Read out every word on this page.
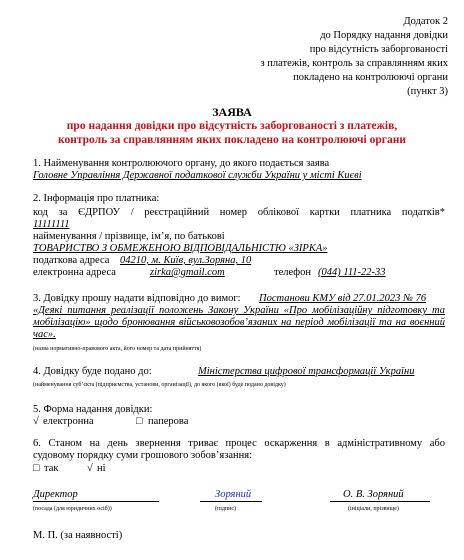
Додаток 2
до Порядку надання довідки
про відсутність заборгованості
з платежів, контроль за справлянням яких
покладено на контролюючі органи
(пункт 3)
ЗАЯВА
про надання довідки про відсутність заборгованості з платежів,
контроль за справлянням яких покладено на контролюючі органи
1. Найменування контролюючого органу, до якого подається заява
Головне Управління Державної податкової служби України у місті Києві
2. Інформація про платника:
код за ЄДРПОУ / реєстраційний номер облікової картки платника податків*
11111111
найменування / прізвище, ім’я, по батькові
ТОВАРИСТВО З ОБМЕЖЕНОЮ ВІДПОВІДАЛЬНІСТЮ «ЗІРКА»
податкова адреса 04210, м. Київ, вул.Зоряна, 10
електронна адреса	zirka@gmail.com	телефон (044) 111-22-33
3. Довідку прошу надати відповідно до вимог: Постанови КМУ від 27.01.2023 № 76
«Деякі питання реалізації положень Закону України «Про мобілізаційну підготовку та
мобілізацію» щодо бронювання військовозобов’язаних на період мобілізації та на воєнний
час».
(назва нормативно-правового акта, його номер та дата прийняття)
4. Довідку буде подано до:	Міністерства цифрової трансформації України
(найменування суб’єкта (підприємства, установи, організації), до якого (якої) буде подано довідку)
5. Форма надання довідки:
√ електронна	□ паперова
6. Станом на день звернення триває процес оскарження в адміністративному або
судовому порядку суми грошового зобов’язання:
□ так	√ ні
Директор	Зоряний	О. В. Зоряний
(посада (для юридичних осіб))	(підпис)	(ініціали, прізвище)
М. П. (за наявності)
